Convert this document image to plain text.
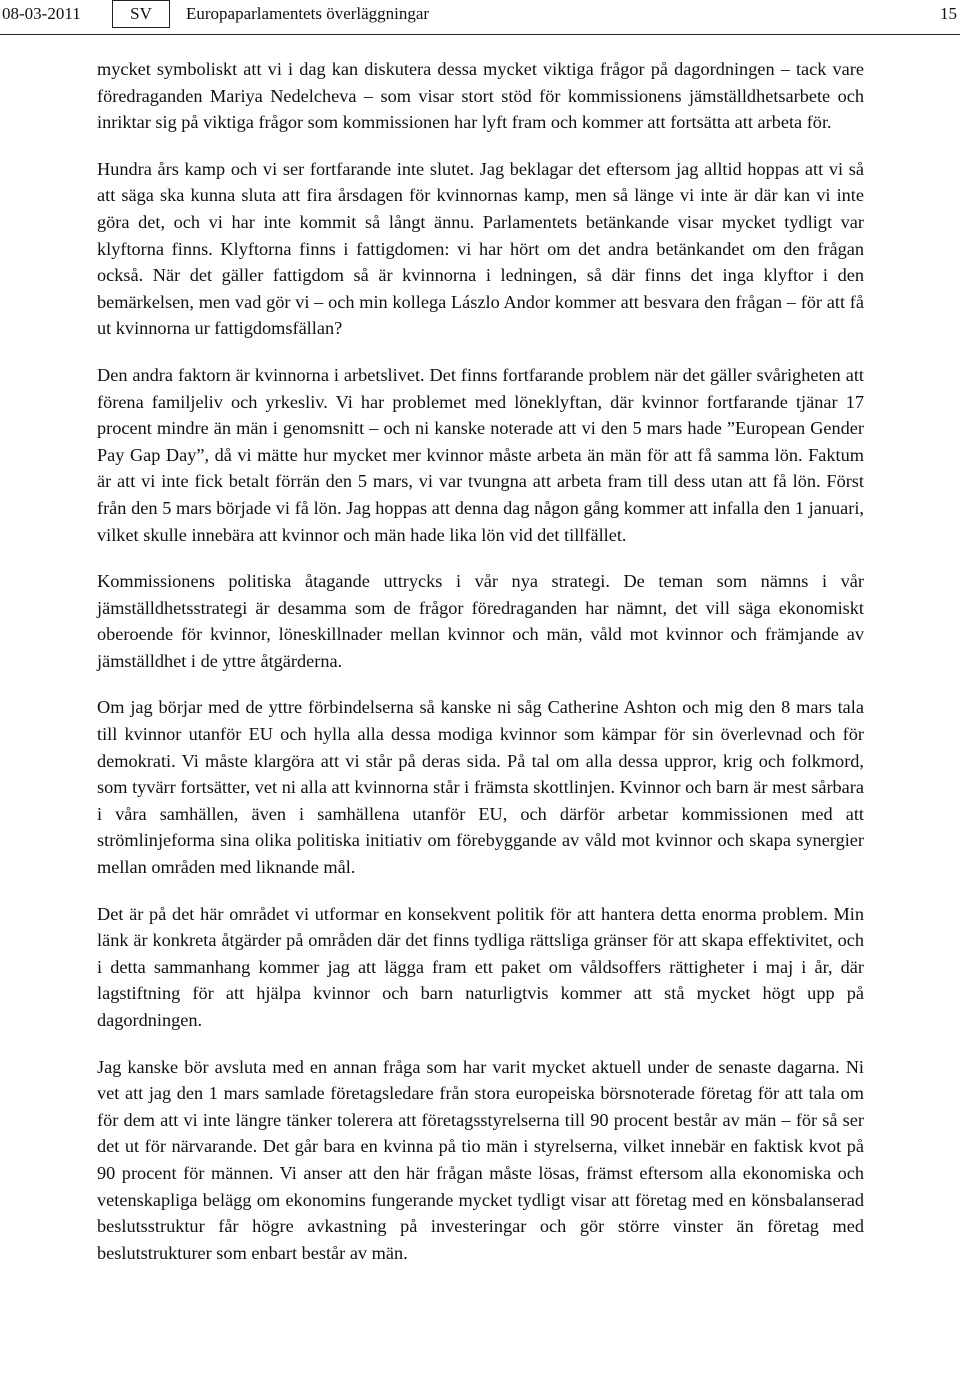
08-03-2011	SV	Europaparlamentets överläggningar	15

mycket symboliskt att vi i dag kan diskutera dessa mycket viktiga frågor på dagordningen – tack vare föredraganden Mariya Nedelcheva – som visar stort stöd för kommissionens jämställdhetsarbete och inriktar sig på viktiga frågor som kommissionen har lyft fram och kommer att fortsätta att arbeta för.

Hundra års kamp och vi ser fortfarande inte slutet. Jag beklagar det eftersom jag alltid hoppas att vi så att säga ska kunna sluta att fira årsdagen för kvinnornas kamp, men så länge vi inte är där kan vi inte göra det, och vi har inte kommit så långt ännu. Parlamentets betänkande visar mycket tydligt var klyftorna finns. Klyftorna finns i fattigdomen: vi har hört om det andra betänkandet om den frågan också. När det gäller fattigdom så är kvinnorna i ledningen, så där finns det inga klyftor i den bemärkelsen, men vad gör vi – och min kollega Lászlo Andor kommer att besvara den frågan – för att få ut kvinnorna ur fattigdomsfällan?

Den andra faktorn är kvinnorna i arbetslivet. Det finns fortfarande problem när det gäller svårigheten att förena familjeliv och yrkesliv. Vi har problemet med löneklyftan, där kvinnor fortfarande tjänar 17 procent mindre än män i genomsnitt – och ni kanske noterade att vi den 5 mars hade ”European Gender Pay Gap Day”, då vi mätte hur mycket mer kvinnor måste arbeta än män för att få samma lön. Faktum är att vi inte fick betalt förrän den 5 mars, vi var tvungna att arbeta fram till dess utan att få lön. Först från den 5 mars började vi få lön. Jag hoppas att denna dag någon gång kommer att infalla den 1 januari, vilket skulle innebära att kvinnor och män hade lika lön vid det tillfället.

Kommissionens politiska åtagande uttrycks i vår nya strategi. De teman som nämns i vår jämställdhetsstrategi är desamma som de frågor föredraganden har nämnt, det vill säga ekonomiskt oberoende för kvinnor, löneskillnader mellan kvinnor och män, våld mot kvinnor och främjande av jämställdhet i de yttre åtgärderna.

Om jag börjar med de yttre förbindelserna så kanske ni såg Catherine Ashton och mig den 8 mars tala till kvinnor utanför EU och hylla alla dessa modiga kvinnor som kämpar för sin överlevnad och för demokrati. Vi måste klargöra att vi står på deras sida. På tal om alla dessa uppror, krig och folkmord, som tyvärr fortsätter, vet ni alla att kvinnorna står i främsta skottlinjen. Kvinnor och barn är mest sårbara i våra samhällen, även i samhällena utanför EU, och därför arbetar kommissionen med att strömlinjeforma sina olika politiska initiativ om förebyggande av våld mot kvinnor och skapa synergier mellan områden med liknande mål.

Det är på det här området vi utformar en konsekvent politik för att hantera detta enorma problem. Min länk är konkreta åtgärder på områden där det finns tydliga rättsliga gränser för att skapa effektivitet, och i detta sammanhang kommer jag att lägga fram ett paket om våldsoffers rättigheter i maj i år, där lagstiftning för att hjälpa kvinnor och barn naturligtvis kommer att stå mycket högt upp på dagordningen.

Jag kanske bör avsluta med en annan fråga som har varit mycket aktuell under de senaste dagarna. Ni vet att jag den 1 mars samlade företagsledare från stora europeiska börsnoterade företag för att tala om för dem att vi inte längre tänker tolerera att företagsstyrelserna till 90 procent består av män – för så ser det ut för närvarande. Det går bara en kvinna på tio män i styrelserna, vilket innebär en faktisk kvot på 90 procent för männen. Vi anser att den här frågan måste lösas, främst eftersom alla ekonomiska och vetenskapliga belägg om ekonomins fungerande mycket tydligt visar att företag med en könsbalanserad beslutsstruktur får högre avkastning på investeringar och gör större vinster än företag med beslutstrukturer som enbart består av män.
